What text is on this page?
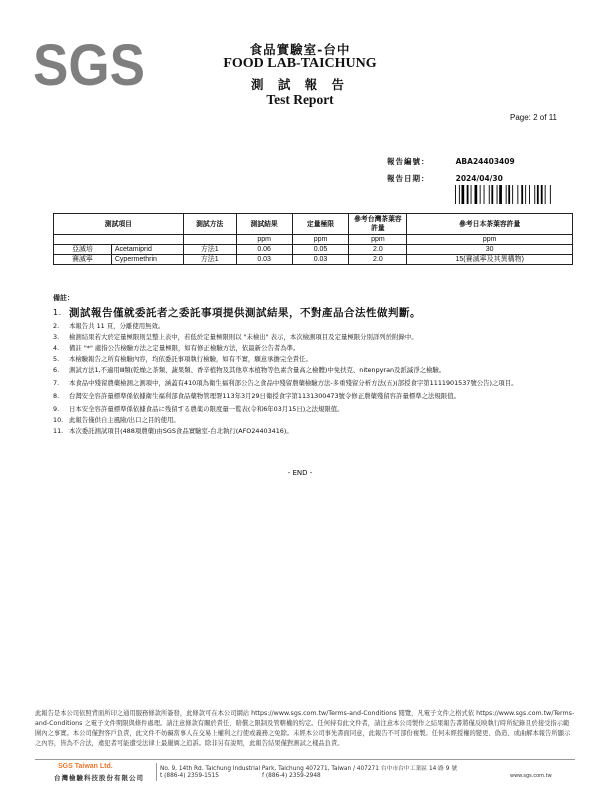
SGS	食品實驗室-台中
FOOD LAB-TAICHUNG
測 試 報 告
Test Report
Page: 2 of 11
報告編號：	ABA24403409
報告日期：	2024/04/30
測試項目		測試方法	測試結果	定量極限	參考台灣茶葉容許量	參考日本茶葉容許量
			ppm	ppm	ppm	ppm
亞滅培	Acetamiprid	方法1	0.06	0.05	2.0	30
賽滅寧	Cypermethrin	方法1	0.03	0.03	2.0	15(賽滅寧及其異構物)
備註：
1. 測試報告僅就委託者之委託事項提供測試結果，不對產品合法性做判斷。
2. 本報告共 11 頁，分離使用無效。
3. 檢測結果若大於定量極限則呈整上表中，若低於定量極限則以 "未檢出" 表示，本次檢測項目及定量極限分別詳列於附錄中。
4. 備註 "*" 處指公告檢驗方法之定量極限，如有修正檢驗方法，依最新公告者為準。
5. 本檢驗報告之所有檢驗內容，均依委託事項執行檢驗，如有不實，願意承擔完全責任。
6. 測試方法1,不適用Ⅲ類(乾燥之茶類、蔬果類、香辛植物及其他草本植物等色素含量高之檢體)中免扶克、nitenpyran及派滅淨之檢驗。
7. 本食品中殘留農藥檢測之測項中，涵蓋有410項為衛生福利部公告之食品中殘留農藥檢驗方法-多重殘留分析方法(五)(部授食字第1111901537號公告)之項目。
8. 台灣安全容許量標準係依據衛生福利部食品藥物管理署113年3月29日衛授食字第1131300473號令修正農藥殘留容許量標準之法規限值。
9. 日本安全容許量標準係依據食品に残留する農薬の限度量一覧表(令和6年03月15日)之法規限值。
10. 此報告僅供自主風險/出口之目的使用。
11. 本次委託測試項目(488項農藥)由SGS食品實驗室-台北執行(AFO24403416)。
- END -
此報告是本公司依照背面所印之通用服務條款所簽發，此條款可在本公司網站 https://www.sgs.com.tw/Terms-and-Conditions 閱覽，凡電子文件之格式依 https://www.sgs.com.tw/Terms-and-Conditions 之電子文件期限與條件處理。請注意條款有關於責任、賠償之限制及管轄權的約定。任何持有此文件者，請注意本公司製作之結果報告書將僅反映執行時所紀錄且於接受指示範圍內之事實。本公司僅對客戶負責，此文件不妨礙當事人在交易上權利之行使或義務之免除。未經本公司事先書面同意，此報告不可部份複製。任何未經授權的變更、偽造、或曲解本報告所顯示之內容，皆為不合法，違犯者可能遭受法律上最嚴厲之追訴。除非另有說明，此報告結果僅對測試之樣品負責。
SGS Taiwan Ltd.
台灣檢驗科技股份有限公司
No. 9, 14th Rd. Taichung Industrial Park, Taichung 407271, Taiwan / 407271 台中市台中工業區 14 路 9 號
t (886-4) 2359-1515	f (886-4) 2359-2948	www.sgs.com.tw
